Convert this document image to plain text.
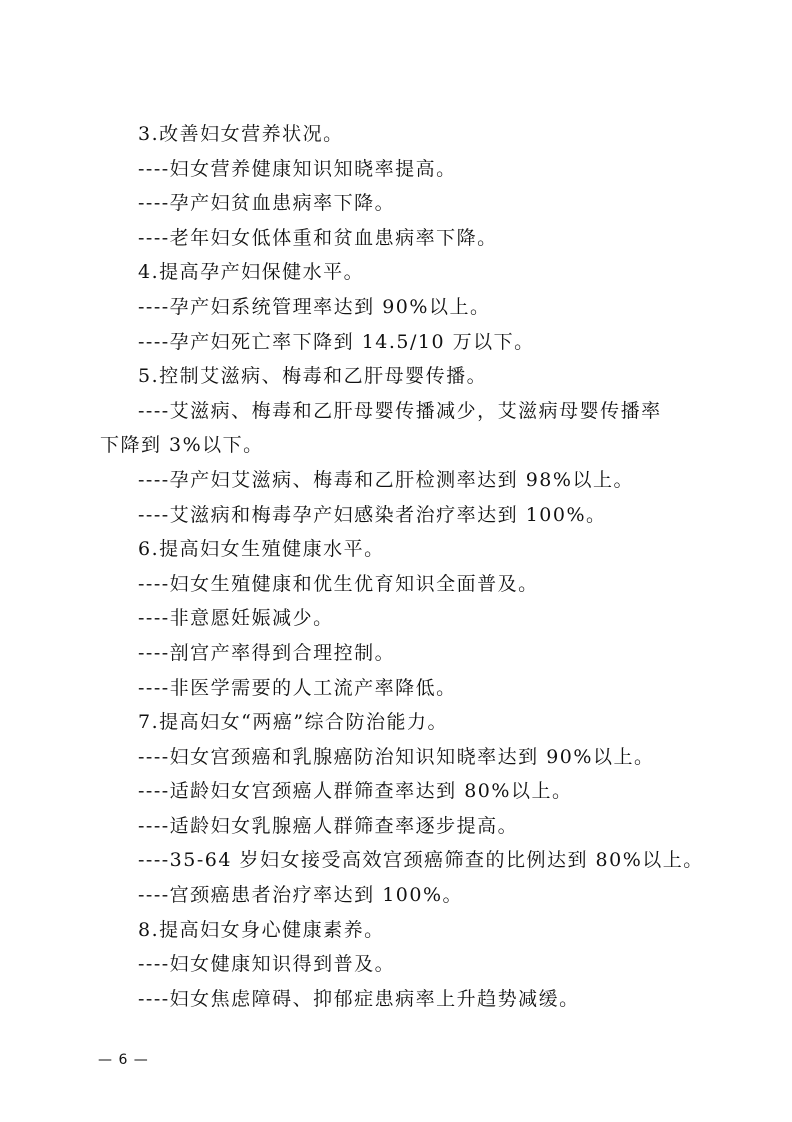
3.改善妇女营养状况。
----妇女营养健康知识知晓率提高。
----孕产妇贫血患病率下降。
----老年妇女低体重和贫血患病率下降。
4.提高孕产妇保健水平。
----孕产妇系统管理率达到 90%以上。
----孕产妇死亡率下降到 14.5/10 万以下。
5.控制艾滋病、梅毒和乙肝母婴传播。
----艾滋病、梅毒和乙肝母婴传播减少，艾滋病母婴传播率
下降到 3%以下。
----孕产妇艾滋病、梅毒和乙肝检测率达到 98%以上。
----艾滋病和梅毒孕产妇感染者治疗率达到 100%。
6.提高妇女生殖健康水平。
----妇女生殖健康和优生优育知识全面普及。
----非意愿妊娠减少。
----剖宫产率得到合理控制。
----非医学需要的人工流产率降低。
7.提高妇女“两癌”综合防治能力。
----妇女宫颈癌和乳腺癌防治知识知晓率达到 90%以上。
----适龄妇女宫颈癌人群筛查率达到 80%以上。
----适龄妇女乳腺癌人群筛查率逐步提高。
----35-64 岁妇女接受高效宫颈癌筛查的比例达到 80%以上。
----宫颈癌患者治疗率达到 100%。
8.提高妇女身心健康素养。
----妇女健康知识得到普及。
----妇女焦虑障碍、抑郁症患病率上升趋势减缓。
— 6 —
